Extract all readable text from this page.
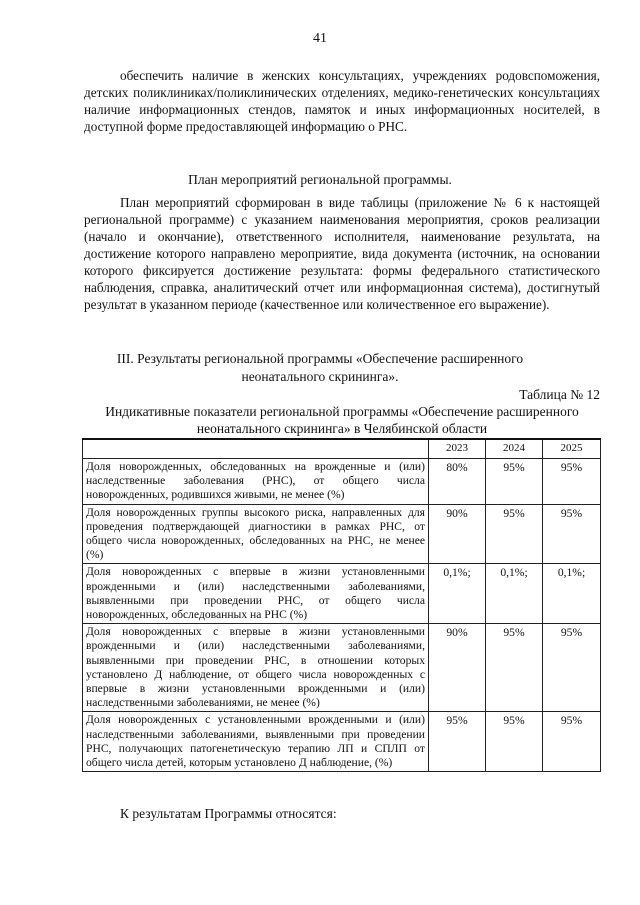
41
обеспечить наличие в женских консультациях, учреждениях родовспоможения, детских поликлиниках/поликлинических отделениях, медико-генетических консультациях наличие информационных стендов, памяток и иных информационных носителей, в доступной форме предоставляющей информацию о РНС.
План мероприятий региональной программы.
План мероприятий сформирован в виде таблицы (приложение № 6 к настоящей региональной программе) с указанием наименования мероприятия, сроков реализации (начало и окончание), ответственного исполнителя, наименование результата, на достижение которого направлено мероприятие, вида документа (источник, на основании которого фиксируется достижение результата: формы федерального статистического наблюдения, справка, аналитический отчет или информационная система), достигнутый результат в указанном периоде (качественное или количественное его выражение).
III. Результаты региональной программы «Обеспечение расширенного неонатального скрининга».
Таблица № 12
Индикативные показатели региональной программы «Обеспечение расширенного неонатального скрининга» в Челябинской области
	2023	2024	2025
Доля новорожденных, обследованных на врожденные и (или) наследственные заболевания (РНС), от общего числа новорожденных, родившихся живыми, не менее (%)	80%	95%	95%
Доля новорожденных группы высокого риска, направленных для проведения подтверждающей диагностики в рамках РНС, от общего числа новорожденных, обследованных на РНС, не менее (%)	90%	95%	95%
Доля новорожденных с впервые в жизни установленными врожденными и (или) наследственными заболеваниями, выявленными при проведении РНС, от общего числа новорожденных, обследованных на РНС (%)	0,1%;	0,1%;	0,1%;
Доля новорожденных с впервые в жизни установленными врожденными и (или) наследственными заболеваниями, выявленными при проведении РНС, в отношении которых установлено Д наблюдение, от общего числа новорожденных с впервые в жизни установленными врожденными и (или) наследственными заболеваниями, не менее (%)	90%	95%	95%
Доля новорожденных с установленными врожденными и (или) наследственными заболеваниями, выявленными при проведении РНС, получающих патогенетическую терапию ЛП и СПЛП от общего числа детей, которым установлено Д наблюдение, (%)	95%	95%	95%
К результатам Программы относятся:
